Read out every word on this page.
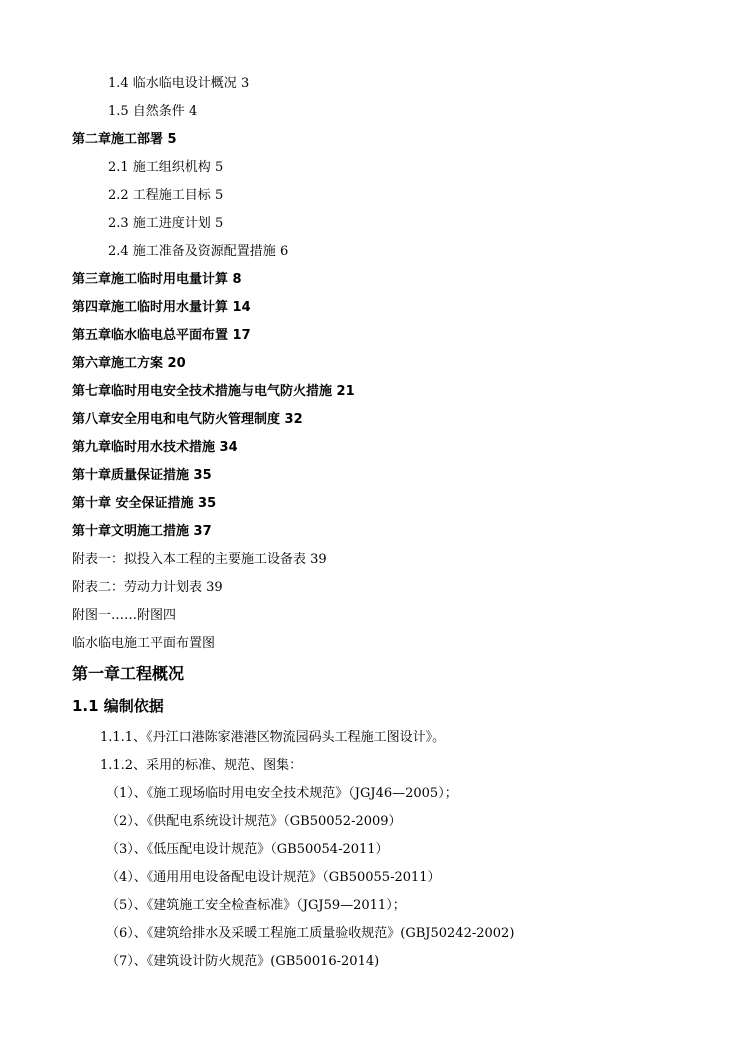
1.4 临水临电设计概况 3
1.5 自然条件 4
第二章施工部署 5
2.1 施工组织机构 5
2.2 工程施工目标 5
2.3 施工进度计划 5
2.4 施工准备及资源配置措施 6
第三章施工临时用电量计算 8
第四章施工临时用水量计算 14
第五章临水临电总平面布置 17
第六章施工方案 20
第七章临时用电安全技术措施与电气防火措施 21
第八章安全用电和电气防火管理制度 32
第九章临时用水技术措施 34
第十章质量保证措施 35
第十章 安全保证措施 35
第十章文明施工措施 37
附表一：拟投入本工程的主要施工设备表 39
附表二：劳动力计划表 39
附图一……附图四
临水临电施工平面布置图
第一章工程概况
1.1 编制依据
1.1.1、《丹江口港陈家港港区物流园码头工程施工图设计》。
1.1.2、采用的标准、规范、图集：
（1）、《施工现场临时用电安全技术规范》（JGJ46—2005）；
（2）、《供配电系统设计规范》（GB50052-2009）
（3）、《低压配电设计规范》（GB50054-2011）
（4）、《通用用电设备配电设计规范》（GB50055-2011）
（5）、《建筑施工安全检查标准》（JGJ59—2011）；
（6）、《建筑给排水及采暖工程施工质量验收规范》(GBJ50242-2002)
（7）、《建筑设计防火规范》(GB50016-2014)
